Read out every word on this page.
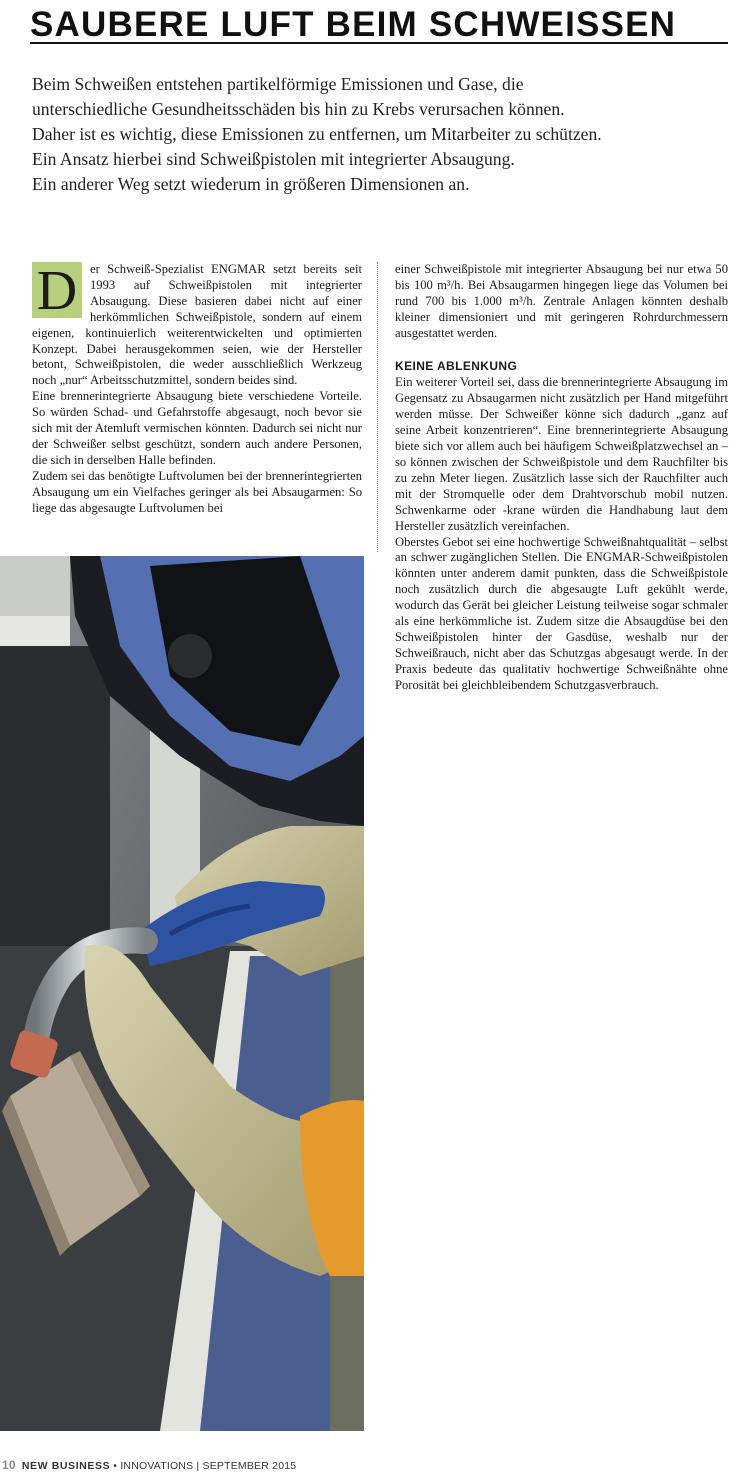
SAUBERE LUFT BEIM SCHWEISSEN

Beim Schweißen entstehen partikelförmige Emissionen und Gase, die

unterschiedliche Gesundheitsschäden bis hin zu Krebs verursachen können.

Daher ist es wichtig, diese Emissionen zu entfernen, um Mitarbeiter zu schützen.

Ein Ansatz hierbei sind Schweißpistolen mit integrierter Absaugung.

Ein anderer Weg setzt wiederum in größeren Dimensionen an.

D	er Schweiß-Spezialist ENGMAR setzt bereits seit 1993 auf Schweißpistolen mit integrierter Absaugung. Diese basieren dabei nicht auf einer herkömmlichen Schweißpistole, sondern auf einem eigenen, kontinuierlich weiterentwickelten und optimierten Konzept. Dabei herausgekommen seien, wie der Hersteller betont, Schweißpistolen, die weder ausschließlich Werkzeug noch „nur“ Arbeitsschutzmittel, sondern beides sind.

Eine brennerintegrierte Absaugung biete verschiedene Vorteile. So würden Schad- und Gefahrstoffe abgesaugt, noch bevor sie sich mit der Atemluft vermischen könnten. Dadurch sei nicht nur der Schweißer selbst geschützt, sondern auch andere Personen, die sich in derselben Halle befinden.

Zudem sei das benötigte Luftvolumen bei der brennerintegrierten Absaugung um ein Vielfaches geringer als bei Absaugarmen: So liege das abgesaugte Luftvolumen bei

einer Schweißpistole mit integrierter Absaugung bei nur etwa 50 bis 100 m³/h. Bei Absaugarmen hingegen liege das Volumen bei rund 700 bis 1.000 m³/h. Zentrale Anlagen könnten deshalb kleiner dimensioniert und mit geringeren Rohrdurchmessern ausgestattet werden.

KEINE ABLENKUNG

Ein weiterer Vorteil sei, dass die brennerintegrierte Absaugung im Gegensatz zu Absaugarmen nicht zusätzlich per Hand mitgeführt werden müsse. Der Schweißer könne sich dadurch „ganz auf seine Arbeit konzentrieren“. Eine brennerintegrierte Absaugung biete sich vor allem auch bei häufigem Schweißplatzwechsel an – so können zwischen der Schweißpistole und dem Rauchfilter bis zu zehn Meter liegen. Zusätzlich lasse sich der Rauchfilter auch mit der Stromquelle oder dem Drahtvorschub mobil nutzen. Schwenkarme oder -krane würden die Handhabung laut dem Hersteller zusätzlich vereinfachen.

Oberstes Gebot sei eine hochwertige Schweißnahtqualität – selbst an schwer zugänglichen Stellen. Die ENGMAR-Schweißpistolen könnten unter anderem damit punkten, dass die Schweißpistole noch zusätzlich durch die abgesaugte Luft gekühlt werde, wodurch das Gerät bei gleicher Leistung teilweise sogar schmaler als eine herkömmliche ist. Zudem sitze die Absaugdüse bei den Schweißpistolen hinter der Gasdüse, weshalb nur der Schweißrauch, nicht aber das Schutzgas abgesaugt werde. In der Praxis bedeute das qualitativ hochwertige Schweißnähte ohne Porosität bei gleichbleibendem Schutzgasverbrauch.

10 NEW BUSINESS • INNOVATIONS | SEPTEMBER 2015
